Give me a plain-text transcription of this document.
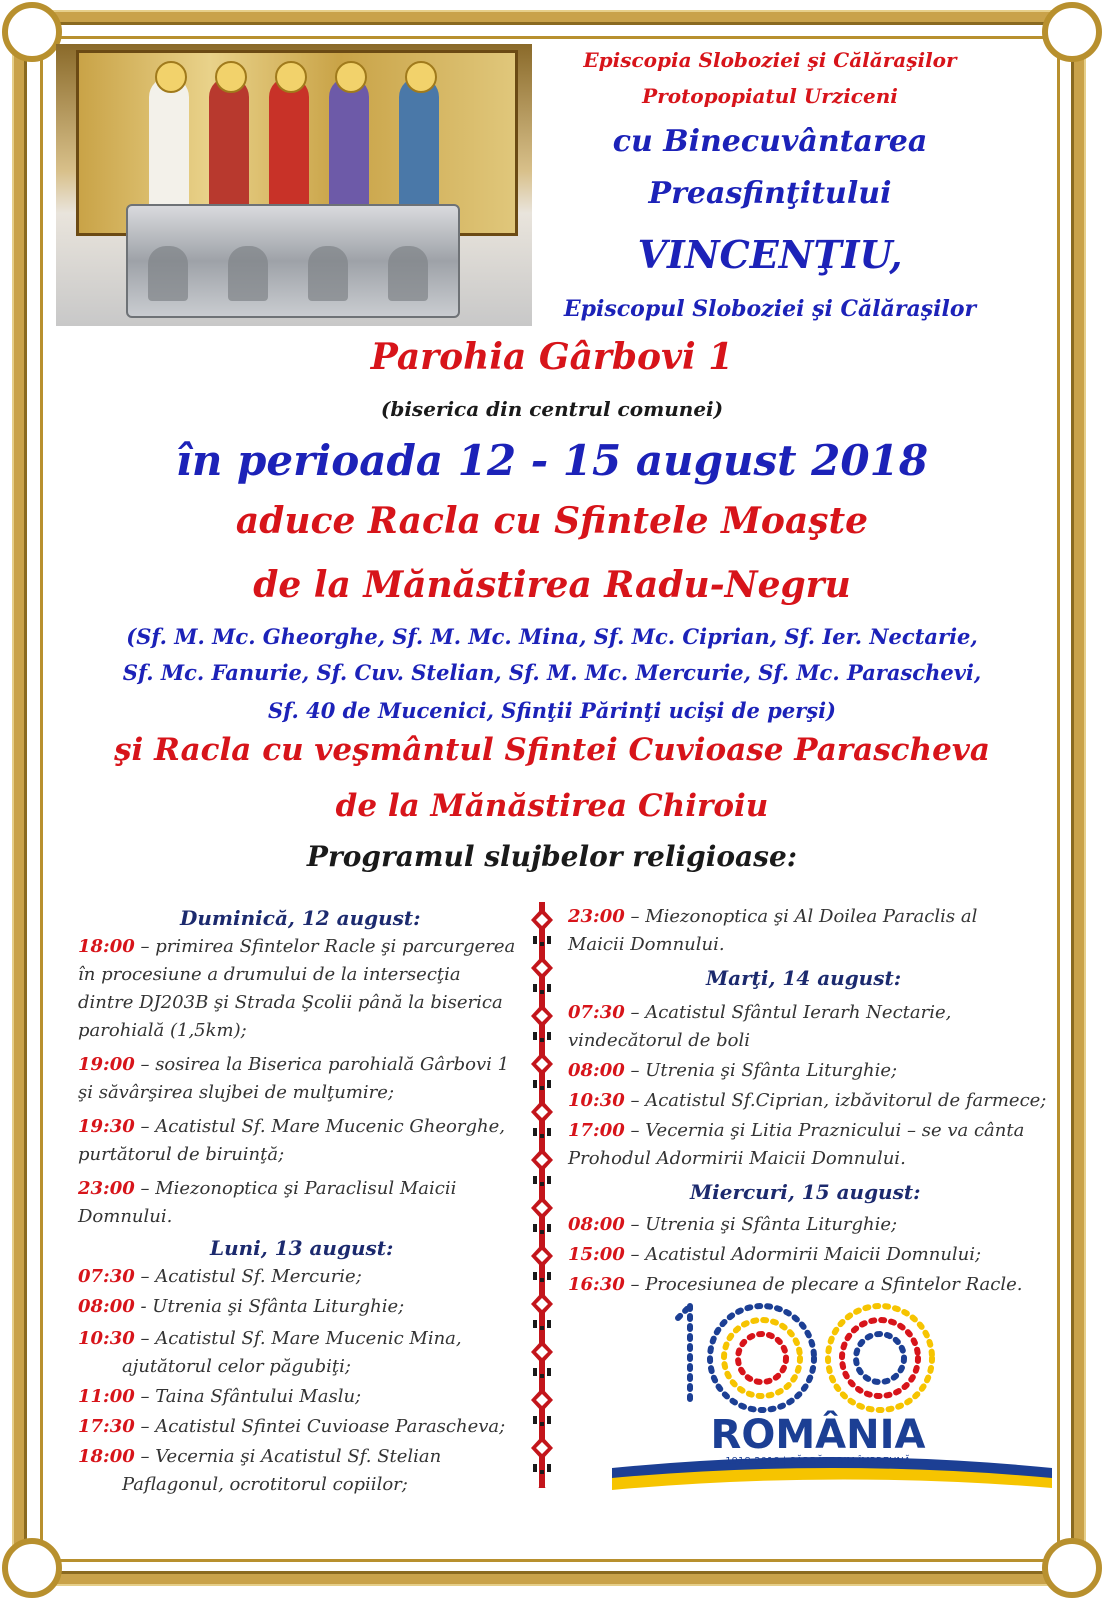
Episcopia Sloboziei şi Călăraşilor
Protopopiatul Urziceni
cu Binecuvântarea
Preasfinţitului
VINCENŢIU,
Episcopul Sloboziei şi Călăraşilor
Parohia Gârbovi 1
(biserica din centrul comunei)
în perioada 12 - 15 august 2018
aduce Racla cu Sfintele Moaşte
de la Mănăstirea Radu-Negru
(Sf. M. Mc. Gheorghe, Sf. M. Mc. Mina, Sf. Mc. Ciprian, Sf. Ier. Nectarie,
Sf. Mc. Fanurie, Sf. Cuv. Stelian, Sf. M. Mc. Mercurie, Sf. Mc. Paraschevi,
Sf. 40 de Mucenici, Sfinţii Părinţi ucişi de perşi)
şi Racla cu veşmântul Sfintei Cuvioase Parascheva
de la Mănăstirea Chiroiu
Programul slujbelor religioase:
Duminică, 12 august:
18:00 – primirea Sfintelor Racle şi parcurgerea
în procesiune a drumului de la intersecţia
dintre DJ203B şi Strada Şcolii până la biserica
parohială (1,5km);
19:00 – sosirea la Biserica parohială Gârbovi 1
şi săvârşirea slujbei de mulţumire;
19:30 – Acatistul Sf. Mare Mucenic Gheorghe,
purtătorul de biruinţă;
23:00 – Miezonoptica şi Paraclisul Maicii
Domnului.
Luni, 13 august:
07:30 – Acatistul Sf. Mercurie;
08:00 - Utrenia şi Sfânta Liturghie;
10:30 – Acatistul Sf. Mare Mucenic Mina,
ajutătorul celor păgubiţi;
11:00 – Taina Sfântului Maslu;
17:30 – Acatistul Sfintei Cuvioase Parascheva;
18:00 – Vecernia şi Acatistul Sf. Stelian
Paflagonul, ocrotitorul copiilor;
23:00 – Miezonoptica şi Al Doilea Paraclis al
Maicii Domnului.
Marţi, 14 august:
07:30 – Acatistul Sfântul Ierarh Nectarie,
vindecătorul de boli
08:00 – Utrenia şi Sfânta Liturghie;
10:30 – Acatistul Sf.Ciprian, izbăvitorul de farmece;
17:00 – Vecernia şi Litia Praznicului – se va cânta
Prohodul Adormirii Maicii Domnului.
Miercuri, 15 august:
08:00 – Utrenia şi Sfânta Liturghie;
15:00 – Acatistul Adormirii Maicii Domnului;
16:30 – Procesiunea de plecare a Sfintelor Racle.
ROMÂNIA
1918-2018 | SĂRBĂTORIM ÎMPREUNĂ
